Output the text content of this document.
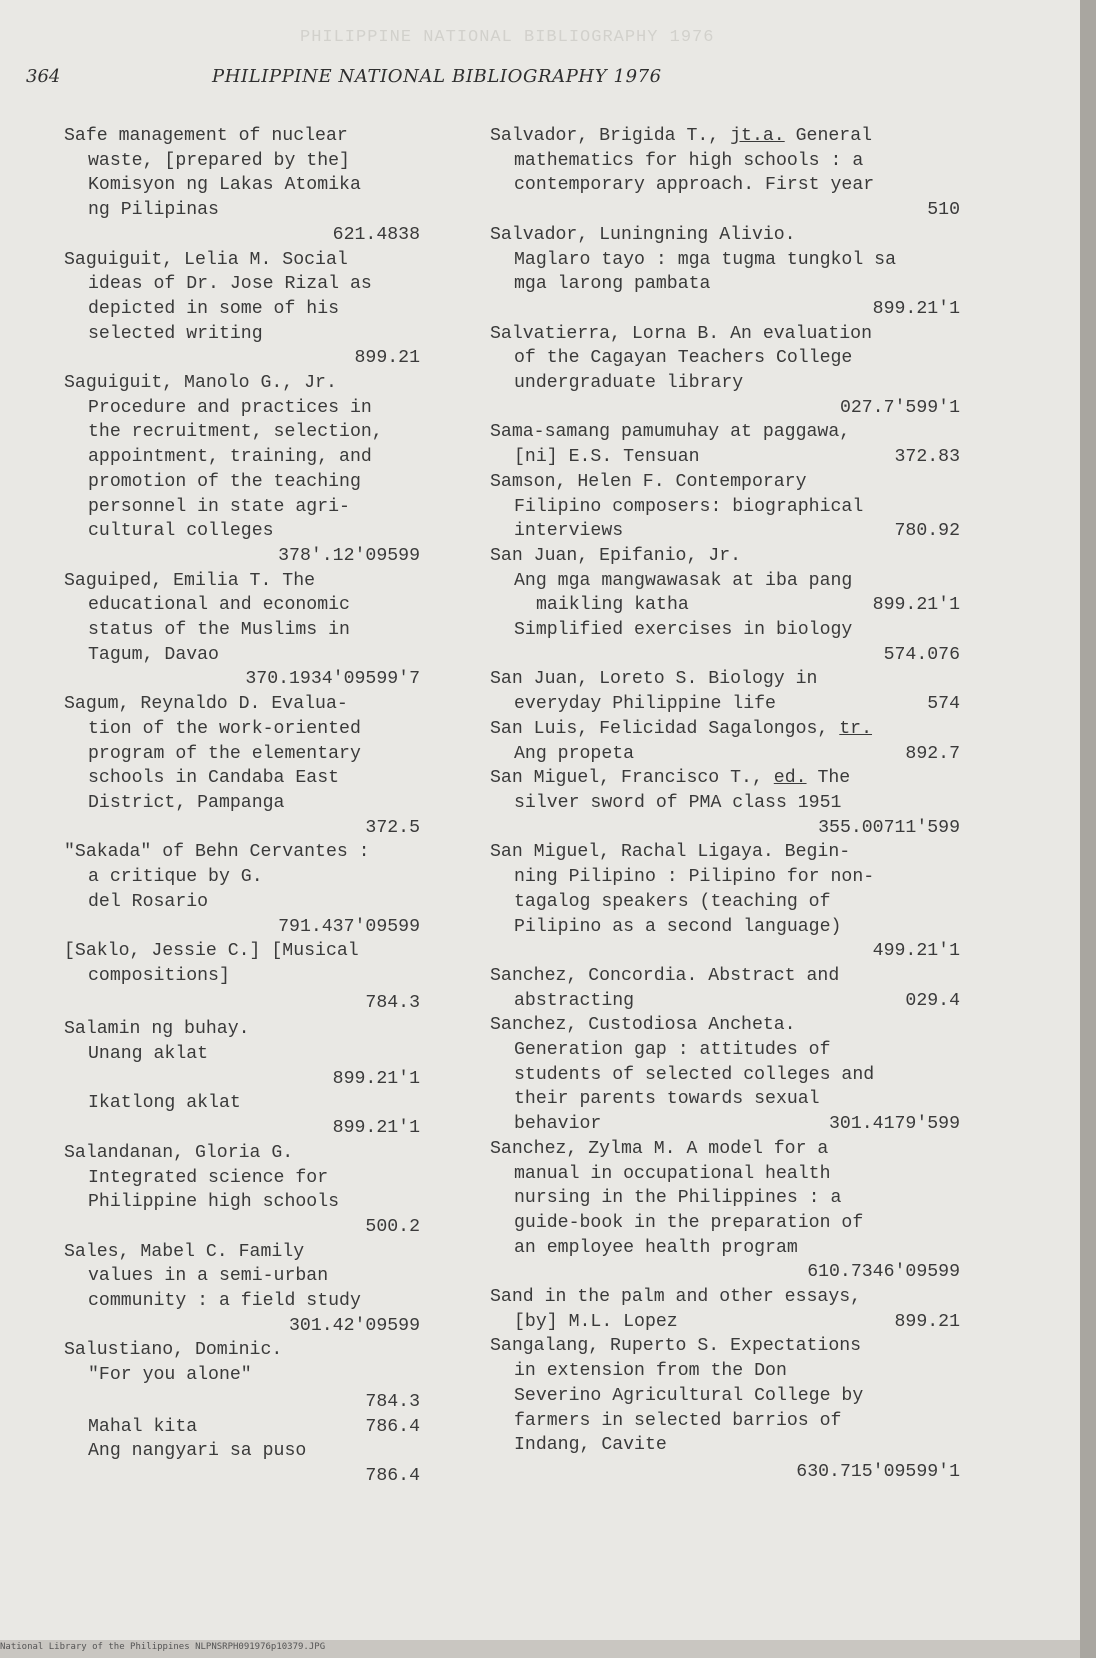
PHILIPPINE NATIONAL BIBLIOGRAPHY 1976
364	PHILIPPINE NATIONAL BIBLIOGRAPHY 1976
Safe management of nuclear
waste, [prepared by the]
Komisyon ng Lakas Atomika
ng Pilipinas
621.4838
Saguiguit, Lelia M. Social
ideas of Dr. Jose Rizal as
depicted in some of his
selected writing
899.21
Saguiguit, Manolo G., Jr.
Procedure and practices in
the recruitment, selection,
appointment, training, and
promotion of the teaching
personnel in state agri-
cultural colleges
378'.12'09599
Saguiped, Emilia T. The
educational and economic
status of the Muslims in
Tagum, Davao
370.1934'09599'7
Sagum, Reynaldo D. Evalua-
tion of the work-oriented
program of the elementary
schools in Candaba East
District, Pampanga
372.5
"Sakada" of Behn Cervantes :
a critique by G.
del Rosario
791.437'09599
[Saklo, Jessie C.] [Musical
compositions]
784.3
Salamin ng buhay.
Unang aklat
899.21'1
Ikatlong aklat
899.21'1
Salandanan, Gloria G.
Integrated science for
Philippine high schools
500.2
Sales, Mabel C. Family
values in a semi-urban
community : a field study
301.42'09599
Salustiano, Dominic.
"For you alone"
784.3
Mahal kita	786.4
Ang nangyari sa puso
786.4
Salvador, Brigida T., jt.a. General
mathematics for high schools : a
contemporary approach. First year
510
Salvador, Luningning Alivio.
Maglaro tayo : mga tugma tungkol sa
mga larong pambata
899.21'1
Salvatierra, Lorna B. An evaluation
of the Cagayan Teachers College
undergraduate library
027.7'599'1
Sama-samang pamumuhay at paggawa,
[ni] E.S. Tensuan	372.83
Samson, Helen F. Contemporary
Filipino composers: biographical
interviews	780.92
San Juan, Epifanio, Jr.
Ang mga mangwawasak at iba pang
maikling katha	899.21'1
Simplified exercises in biology
574.076
San Juan, Loreto S. Biology in
everyday Philippine life	574
San Luis, Felicidad Sagalongos, tr.
Ang propeta	892.7
San Miguel, Francisco T., ed. The
silver sword of PMA class 1951
355.00711'599
San Miguel, Rachal Ligaya. Begin-
ning Pilipino : Pilipino for non-
tagalog speakers (teaching of
Pilipino as a second language)
499.21'1
Sanchez, Concordia. Abstract and
abstracting	029.4
Sanchez, Custodiosa Ancheta.
Generation gap : attitudes of
students of selected colleges and
their parents towards sexual
behavior	301.4179'599
Sanchez, Zylma M. A model for a
manual in occupational health
nursing in the Philippines : a
guide-book in the preparation of
an employee health program
610.7346'09599
Sand in the palm and other essays,
[by] M.L. Lopez	899.21
Sangalang, Ruperto S. Expectations
in extension from the Don
Severino Agricultural College by
farmers in selected barrios of
Indang, Cavite
630.715'09599'1
National Library of the Philippines NLPNSRPH091976p10379.JPG
